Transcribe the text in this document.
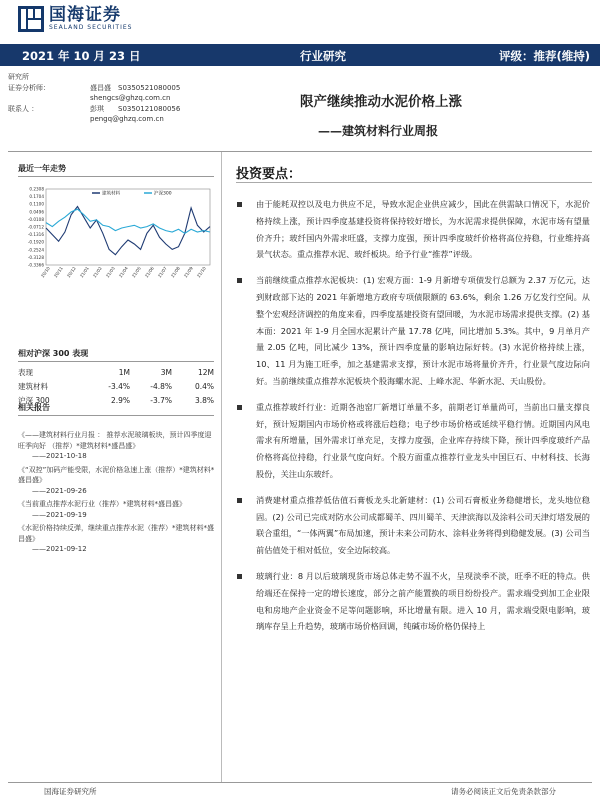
国海证券
SEALAND SECURITIES
2021 年 10 月 23 日	行业研究	评级：推荐(维持)
研究所
证券分析师：	盛昌盛 S0350521080005
shengcs@ghzq.com.cn
联系人 ：	彭琪 S0350121080056
pengq@ghzq.com.cn
限产继续推动水泥价格上涨
——建筑材料行业周报
最近一年走势
0.2308
0.1704
0.1100
0.0496
-0.0108
-0.0712
-0.1316
-0.1920
-0.2524
-0.3128
-0.3366
20/10 20/11 20/12 21/01 21/02 21/03 21/04 21/05 21/06 21/07 21/08 21/09 21/10
建筑材料	沪深300
相对沪深 300 表现
表现	1M	3M	12M
建筑材料	-3.4%	-4.8%	0.4%
沪深 300	2.9%	-3.7%	3.8%
相关报告
《——建筑材料行业月报 ： 推荐水泥玻璃板块，预计四季度迎旺季向好 （推荐）*建筑材料*盛昌盛》
——2021-10-18
《“双控”加码产能受限，水泥价格急速上涨（推荐）*建筑材料*盛昌盛》
——2021-09-26
《当前重点推荐水泥行业（推荐）*建筑材料*盛昌盛》
——2021-09-19
《水泥价格持续反弹，继续重点推荐水泥（推荐）*建筑材料*盛昌盛》
——2021-09-12
投资要点：
由于能耗双控以及电力供应不足，导致水泥企业供应减少，国此在供需缺口情况下，水泥价格持续上涨，预计四季度基建投资将保持较好增长，为水泥需求提供保障，水泥市场有望量价齐升；玻纤国内外需求旺盛，支撑力度强，预计四季度玻纤价格将高位持稳，行业维持高景气状态。重点推荐水泥、玻纤板块。给予行业“推荐”评级。
当前继续重点推荐水泥板块：(1) 宏观方面：1-9 月新增专项债发行总额为 2.37 万亿元，达到财政部下达的 2021 年新增地方政府专项债限额的 63.6%，剩余 1.26 万亿发行空间。从整个宏观经济调控的角度来看，四季度基建投资有望回暖，为水泥市场需求提供支撑。(2) 基本面：2021 年 1-9 月全国水泥累计产量 17.78 亿吨，同比增加 5.3%。其中，9 月单月产量 2.05 亿吨，同比减少 13%，预计四季度量的影响边际好转。(3) 水泥价格持续上涨，10、11 月为施工旺季，加之基建需求支撑，预计水泥市场将量价齐升，行业景气度边际向好。当前继续重点推荐水泥板块个股海螺水泥、上峰水泥、华新水泥、天山股份。
重点推荐玻纤行业：近期各池窑厂新增订单量不多，前期老订单量尚可，当前出口量支撑良好，预计短期国内市场价格或将涨后趋稳；电子纱市场价格或延续平稳行情。近期国内风电需求有所增量，国外需求订单充足，支撑力度强，企业库存持续下降，预计四季度玻纤产品价格将高位持稳，行业景气度向好。个股方面重点推荐行业龙头中国巨石、中材科技、长海股份，关注山东玻纤。
消费建材重点推荐低估值石膏板龙头北新建材：(1) 公司石膏板业务稳健增长，龙头地位稳固。(2) 公司已完成对防水公司成都蜀羊、四川蜀羊、天津滨海以及涂料公司天津灯塔发展的联合重组，“一体两翼”布局加速，预计未来公司防水、涂料业务将得到稳健发展。(3) 公司当前估值处于相对低位，安全边际较高。
玻璃行业：8 月以后玻璃现货市场总体走势不温不火，呈现淡季不淡，旺季不旺的特点。供给端还在保持一定的增长速度，部分之前产能置换的项目纷纷投产。需求端受到加工企业限电和房地产企业资金不足等问题影响，环比增量有限。进入 10 月，需求端受限电影响，玻璃库存呈上升趋势，玻璃市场价格回调，纯碱市场价格仍保持上
国海证券研究所	请务必阅读正文后免责条款部分
